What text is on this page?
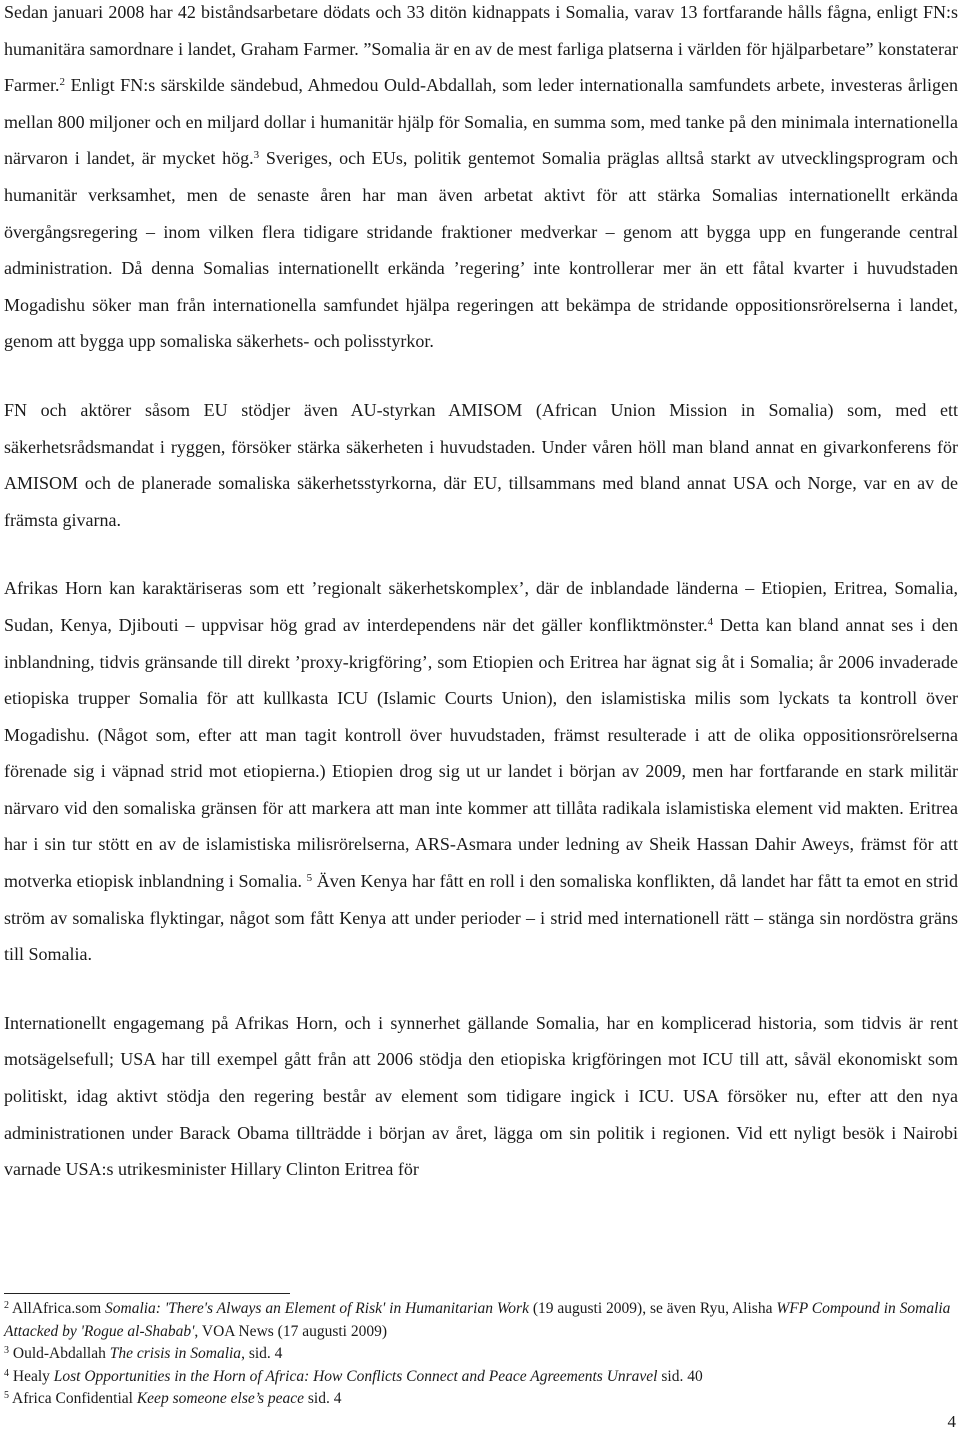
Sedan januari 2008 har 42 biståndsarbetare dödats och 33 ditön kidnappats i Somalia, varav 13 fortfarande hålls fågna, enligt FN:s humanitära samordnare i landet, Graham Farmer. ”Somalia är en av de mest farliga platserna i världen för hjälparbetare” konstaterar Farmer.$^2$ Enligt FN:s särskilde sändebud, Ahmedou Ould-Abdallah, som leder internationalla samfundets arbete, investeras årligen mellan 800 miljoner och en miljard dollar i humanitär hjälp för Somalia, en summa som, med tanke på den minimala internationella närvaron i landet, är mycket hög.$^3$ Sveriges, och EUs, politik gentemot Somalia präglas alltså starkt av utvecklingsprogram och humanitär verksamhet, men de senaste åren har man även arbetat aktivt för att stärka Somalias internationellt erkända övergångsregering – inom vilken flera tidigare stridande fraktioner medverkar – genom att bygga upp en fungerande central administration. Då denna Somalias internationellt erkända ’regering’ inte kontrollerar mer än ett fåtal kvarter i huvudstaden Mogadishu söker man från internationella samfundet hjälpa regeringen att bekämpa de stridande oppositionsrörelserna i landet, genom att bygga upp somaliska säkerhets- och polisstyrkor.

FN och aktörer såsom EU stödjer även AU-styrkan AMISOM (African Union Mission in Somalia) som, med ett säkerhetsrådsmandat i ryggen, försöker stärka säkerheten i huvudstaden. Under våren höll man bland annat en givarkonferens för AMISOM och de planerade somaliska säkerhetsstyrkorna, där EU, tillsammans med bland annat USA och Norge, var en av de främsta givarna.

Afrikas Horn kan karaktäriseras som ett ’regionalt säkerhetskomplex’, där de inblandade länderna – Etiopien, Eritrea, Somalia, Sudan, Kenya, Djibouti – uppvisar hög grad av interdependens när det gäller konfliktmönster.$^4$ Detta kan bland annat ses i den inblandning, tidvis gränsande till direkt ’proxy-krigföring’, som Etiopien och Eritrea har ägnat sig åt i Somalia; år 2006 invaderade etiopiska trupper Somalia för att kullkasta ICU (Islamic Courts Union), den islamistiska milis som lyckats ta kontroll över Mogadishu. (Något som, efter att man tagit kontroll över huvudstaden, främst resulterade i att de olika oppositionsrörelserna förenade sig i väpnad strid mot etiopierna.) Etiopien drog sig ut ur landet i början av 2009, men har fortfarande en stark militär närvaro vid den somaliska gränsen för att markera att man inte kommer att tillåta radikala islamistiska element vid makten. Eritrea har i sin tur stött en av de islamistiska milisrörelserna, ARS-Asmara under ledning av Sheik Hassan Dahir Aweys, främst för att motverka etiopisk inblandning i Somalia. $^5$ Även Kenya har fått en roll i den somaliska konflikten, då landet har fått ta emot en strid ström av somaliska flyktingar, något som fått Kenya att under perioder – i strid med internationell rätt – stänga sin nordöstra gräns till Somalia.

Internationellt engagemang på Afrikas Horn, och i synnerhet gällande Somalia, har en komplicerad historia, som tidvis är rent motsägelsefull; USA har till exempel gått från att 2006 stödja den etiopiska krigföringen mot ICU till att, såväl ekonomiskt som politiskt, idag aktivt stödja den regering består av element som tidigare ingick i ICU. USA försöker nu, efter att den nya administrationen under Barack Obama tillträdde i början av året, lägga om sin politik i regionen. Vid ett nyligt besök i Nairobi varnade USA:s utrikesminister Hillary Clinton Eritrea för

$^2$ AllAfrica.som Somalia: 'There's Always an Element of Risk' in Humanitarian Work (19 augusti 2009), se även Ryu, Alisha WFP Compound in Somalia Attacked by 'Rogue al-Shabab', VOA News (17 augusti 2009)

$^3$ Ould-Abdallah The crisis in Somalia, sid. 4

$^4$ Healy Lost Opportunities in the Horn of Africa: How Conflicts Connect and Peace Agreements Unravel sid. 40

$^5$ Africa Confidential Keep someone else’s peace sid. 4

4
